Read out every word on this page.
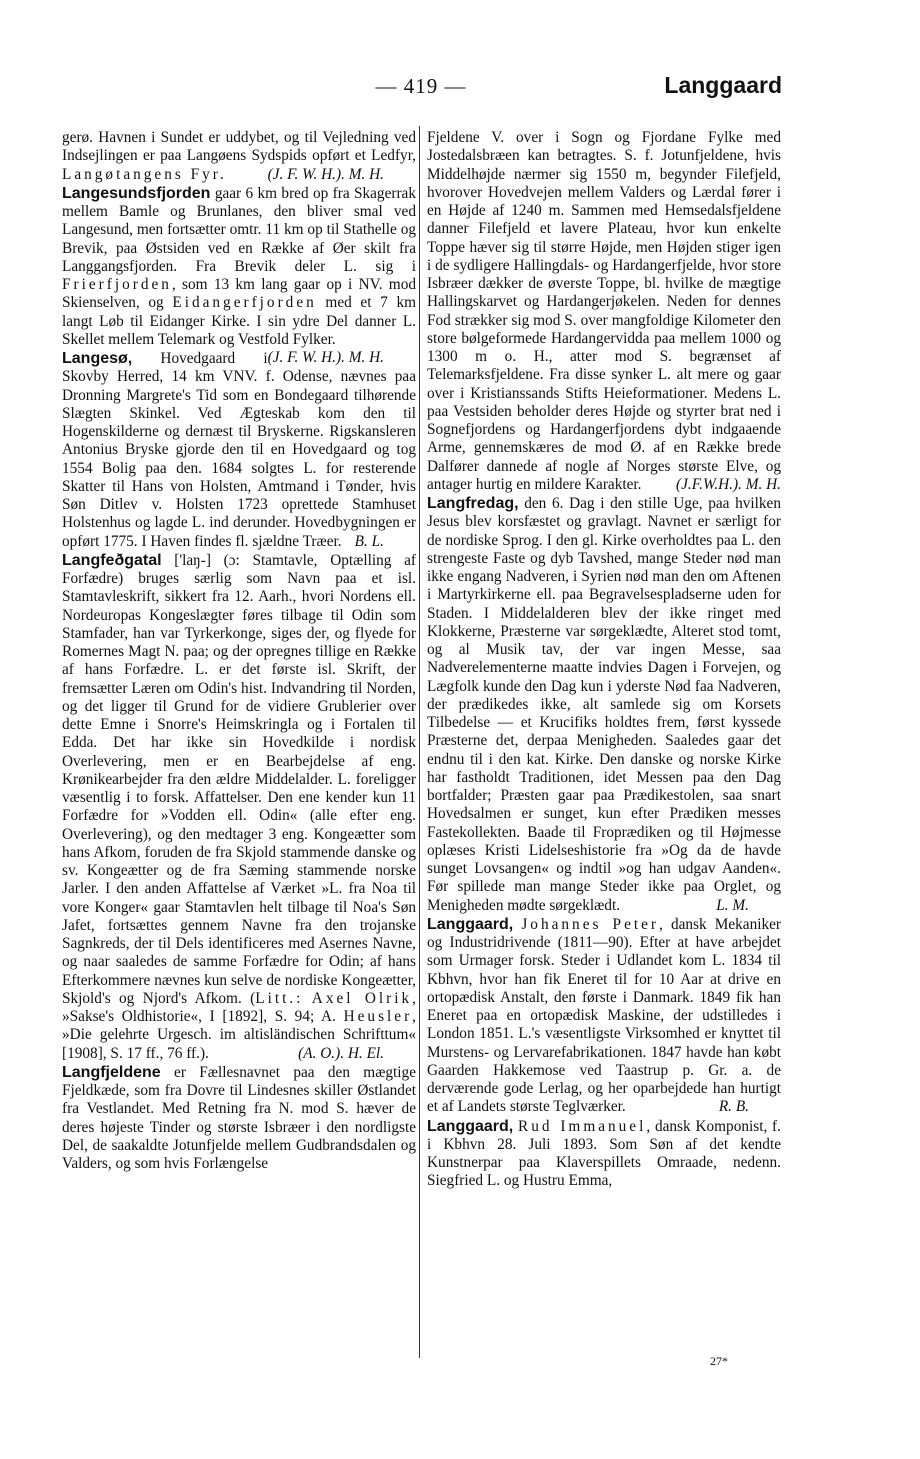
— 419 —	Langgaard

gerø. Havnen i Sundet er uddybet, og til Vejledning ved Indsejlingen er paa Langøens Sydspids opført et Ledfyr, Langøtangens Fyr.	(J. F. W. H.). M. H.

Langesundsfjorden gaar 6 km bred op fra Skagerrak mellem Bamle og Brunlanes, den bliver smal ved Langesund, men fortsætter omtr. 11 km op til Stathelle og Brevik, paa Østsiden ved en Række af Øer skilt fra Langgangsfjorden. Fra Brevik deler L. sig i Frierfjorden, som 13 km lang gaar op i NV. mod Skienselven, og Eidangerfjorden med et 7 km langt Løb til Eidanger Kirke. I sin ydre Del danner L. Skellet mellem Telemark og Vestfold Fylker.
(J. F. W. H.). M. H.

Langesø, Hovedgaard i Skovby Herred, 14 km VNV. f. Odense, nævnes paa Dronning Margrete's Tid som en Bondegaard tilhørende Slægten Skinkel. Ved Ægteskab kom den til Hogenskilderne og dernæst til Bryskerne. Rigskansleren Antonius Bryske gjorde den til en Hovedgaard og tog 1554 Bolig paa den. 1684 solgtes L. for resterende Skatter til Hans von Holsten, Amtmand i Tønder, hvis Søn Ditlev v. Holsten 1723 oprettede Stamhuset Holstenhus og lagde L. ind derunder. Hovedbygningen er opført 1775. I Haven findes fl. sjældne Træer. B. L.

Langfeðgatal ['laŋ-] (ɔ: Stamtavle, Optælling af Forfædre) bruges særlig som Navn paa et isl. Stamtavleskrift, sikkert fra 12. Aarh., hvori Nordens ell. Nordeuropas Kongeslægter føres tilbage til Odin som Stamfader, han var Tyrkerkonge, siges der, og flyede for Romernes Magt N. paa; og der opregnes tillige en Række af hans Forfædre. L. er det første isl. Skrift, der fremsætter Læren om Odin's hist. Indvandring til Norden, og det ligger til Grund for de vidiere Grublerier over dette Emne i Snorre's Heimskringla og i Fortalen til Edda. Det har ikke sin Hovedkilde i nordisk Overlevering, men er en Bearbejdelse af eng. Krønikearbejder fra den ældre Middelalder. L. foreligger væsentlig i to forsk. Affattelser. Den ene kender kun 11 Forfædre for »Vodden ell. Odin« (alle efter eng. Overlevering), og den medtager 3 eng. Kongeætter som hans Afkom, foruden de fra Skjold stammende danske og sv. Kongeætter og de fra Sæming stammende norske Jarler. I den anden Affattelse af Værket »L. fra Noa til vore Konger« gaar Stamtavlen helt tilbage til Noa's Søn Jafet, fortsættes gennem Navne fra den trojanske Sagnkreds, der til Dels identificeres med Asernes Navne, og naar saaledes de samme Forfædre for Odin; af hans Efterkommere nævnes kun selve de nordiske Kongeætter, Skjold's og Njord's Afkom. (Litt.: Axel Olrik, »Sakse's Oldhistorie«, I [1892], S. 94; A. Heusler, »Die gelehrte Urgesch. im altisländischen Schrifttum« [1908], S. 17 ff., 76 ff.).	(A. O.). H. El.

Langfjeldene er Fællesnavnet paa den mægtige Fjeldkæde, som fra Dovre til Lindesnes skiller Østlandet fra Vestlandet. Med Retning fra N. mod S. hæver de deres højeste Tinder og største Isbræer i den nordligste Del, de saakaldte Jotunfjelde mellem Gudbrandsdalen og Valders, og som hvis Forlængelse

Fjeldene V. over i Sogn og Fjordane Fylke med Jostedalsbræen kan betragtes. S. f. Jotunfjeldene, hvis Middelhøjde nærmer sig 1550 m, begynder Filefjeld, hvorover Hovedvejen mellem Valders og Lærdal fører i en Højde af 1240 m. Sammen med Hemsedalsfjeldene danner Filefjeld et lavere Plateau, hvor kun enkelte Toppe hæver sig til større Højde, men Højden stiger igen i de sydligere Hallingdals- og Hardangerfjelde, hvor store Isbræer dækker de øverste Toppe, bl. hvilke de mægtige Hallingskarvet og Hardangerjøkelen. Neden for dennes Fod strækker sig mod S. over mangfoldige Kilometer den store bølgeformede Hardangervidda paa mellem 1000 og 1300 m o. H., atter mod S. begrænset af Telemarksfjeldene. Fra disse synker L. alt mere og gaar over i Kristianssands Stifts Heieformationer. Medens L. paa Vestsiden beholder deres Højde og styrter brat ned i Sognefjordens og Hardangerfjordens dybt indgaaende Arme, gennemskæres de mod Ø. af en Række brede Dalfører dannede af nogle af Norges største Elve, og antager hurtig en mildere Karakter. (J.F.W.H.). M. H.

Langfredag, den 6. Dag i den stille Uge, paa hvilken Jesus blev korsfæstet og gravlagt. Navnet er særligt for de nordiske Sprog. I den gl. Kirke overholdtes paa L. den strengeste Faste og dyb Tavshed, mange Steder nød man ikke engang Nadveren, i Syrien nød man den om Aftenen i Martyrkirkerne ell. paa Begravelsespladserne uden for Staden. I Middelalderen blev der ikke ringet med Klokkerne, Præsterne var sørgeklædte, Alteret stod tomt, og al Musik tav, der var ingen Messe, saa Nadverelementerne maatte indvies Dagen i Forvejen, og Lægfolk kunde den Dag kun i yderste Nød faa Nadveren, der prædikedes ikke, alt samlede sig om Korsets Tilbedelse — et Krucifiks holdtes frem, først kyssede Præsterne det, derpaa Menigheden. Saaledes gaar det endnu til i den kat. Kirke. Den danske og norske Kirke har fastholdt Traditionen, idet Messen paa den Dag bortfalder; Præsten gaar paa Prædikestolen, saa snart Hovedsalmen er sunget, kun efter Prædiken messes Fastekollekten. Baade til Froprædiken og til Højmesse oplæses Kristi Lidelseshistorie fra »Og da de havde sunget Lovsangen« og indtil »og han udgav Aanden«. Før spillede man mange Steder ikke paa Orglet, og Menigheden mødte sørgeklædt.	L. M.

Langgaard, Johannes Peter, dansk Mekaniker og Industridrivende (1811—90). Efter at have arbejdet som Urmager forsk. Steder i Udlandet kom L. 1834 til Kbhvn, hvor han fik Eneret til for 10 Aar at drive en ortopædisk Anstalt, den første i Danmark. 1849 fik han Eneret paa en ortopædisk Maskine, der udstilledes i London 1851. L.'s væsentligste Virksomhed er knyttet til Murstens- og Lervarefabrikationen. 1847 havde han købt Gaarden Hakkemose ved Taastrup p. Gr. a. de derværende gode Lerlag, og her oparbejdede han hurtigt et af Landets største Teglværker.	R. B.

Langgaard, Rud Immanuel, dansk Komponist, f. i Kbhvn 28. Juli 1893. Som Søn af det kendte Kunstnerpar paa Klaverspillets Omraade, nedenn. Siegfried L. og Hustru Emma,

27*
